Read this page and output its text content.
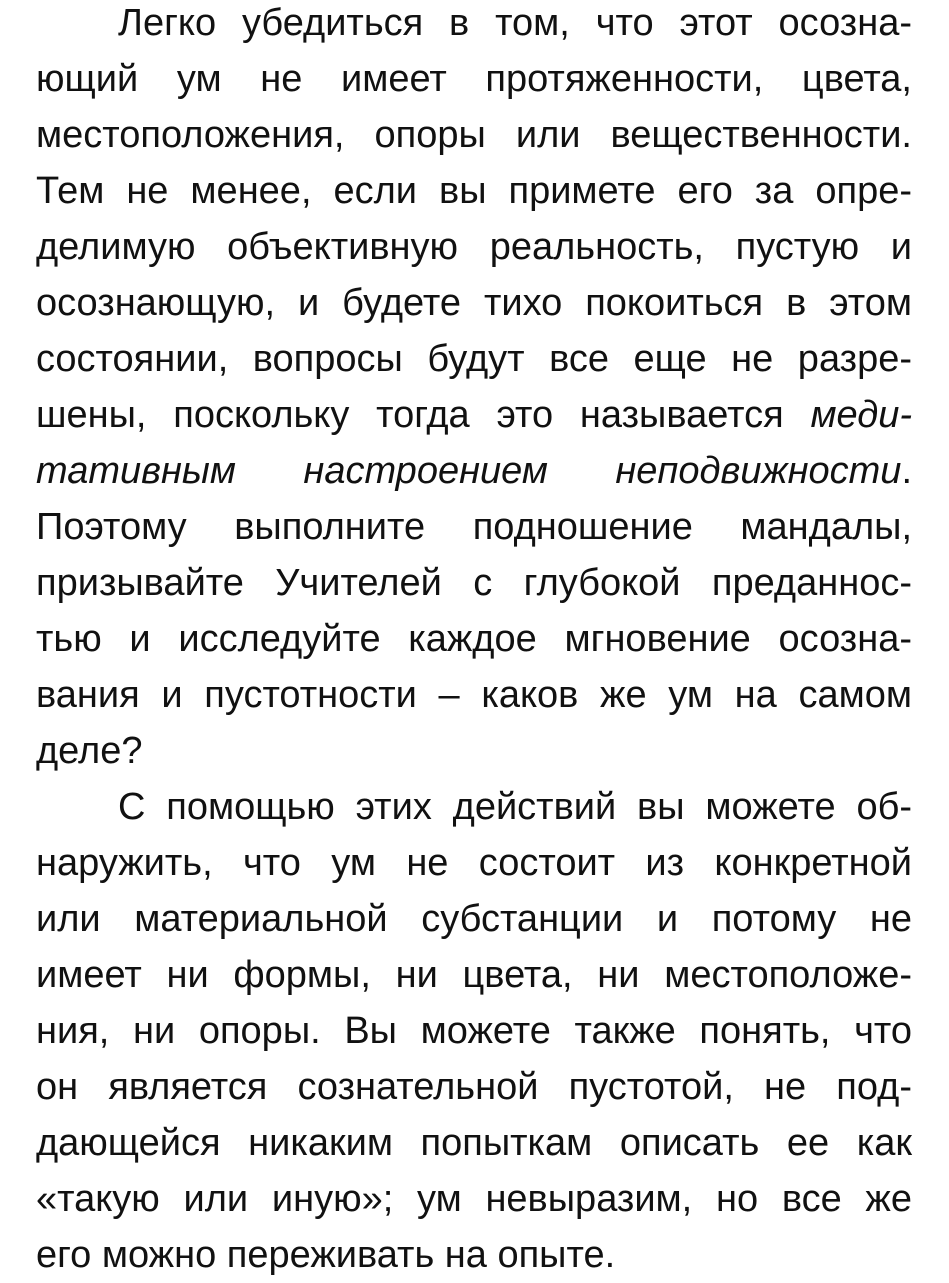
Легко убедиться в том, что этот осозна-
ющий ум не имеет протяженности, цвета,
местоположения, опоры или вещественности.
Тем не менее, если вы примете его за опре-
делимую объективную реальность, пустую и
осознающую, и будете тихо покоиться в этом
состоянии, вопросы будут все еще не разре-
шены, поскольку тогда это называется меди-
тативным настроением неподвижности.
Поэтому выполните подношение мандалы,
призывайте Учителей с глубокой преданнос-
тью и исследуйте каждое мгновение осозна-
вания и пустотности – каков же ум на самом
деле?
С помощью этих действий вы можете об-
наружить, что ум не состоит из конкретной
или материальной субстанции и потому не
имеет ни формы, ни цвета, ни местоположе-
ния, ни опоры. Вы можете также понять, что
он является сознательной пустотой, не под-
дающейся никаким попыткам описать ее как
«такую или иную»; ум невыразим, но все же
его можно переживать на опыте.
